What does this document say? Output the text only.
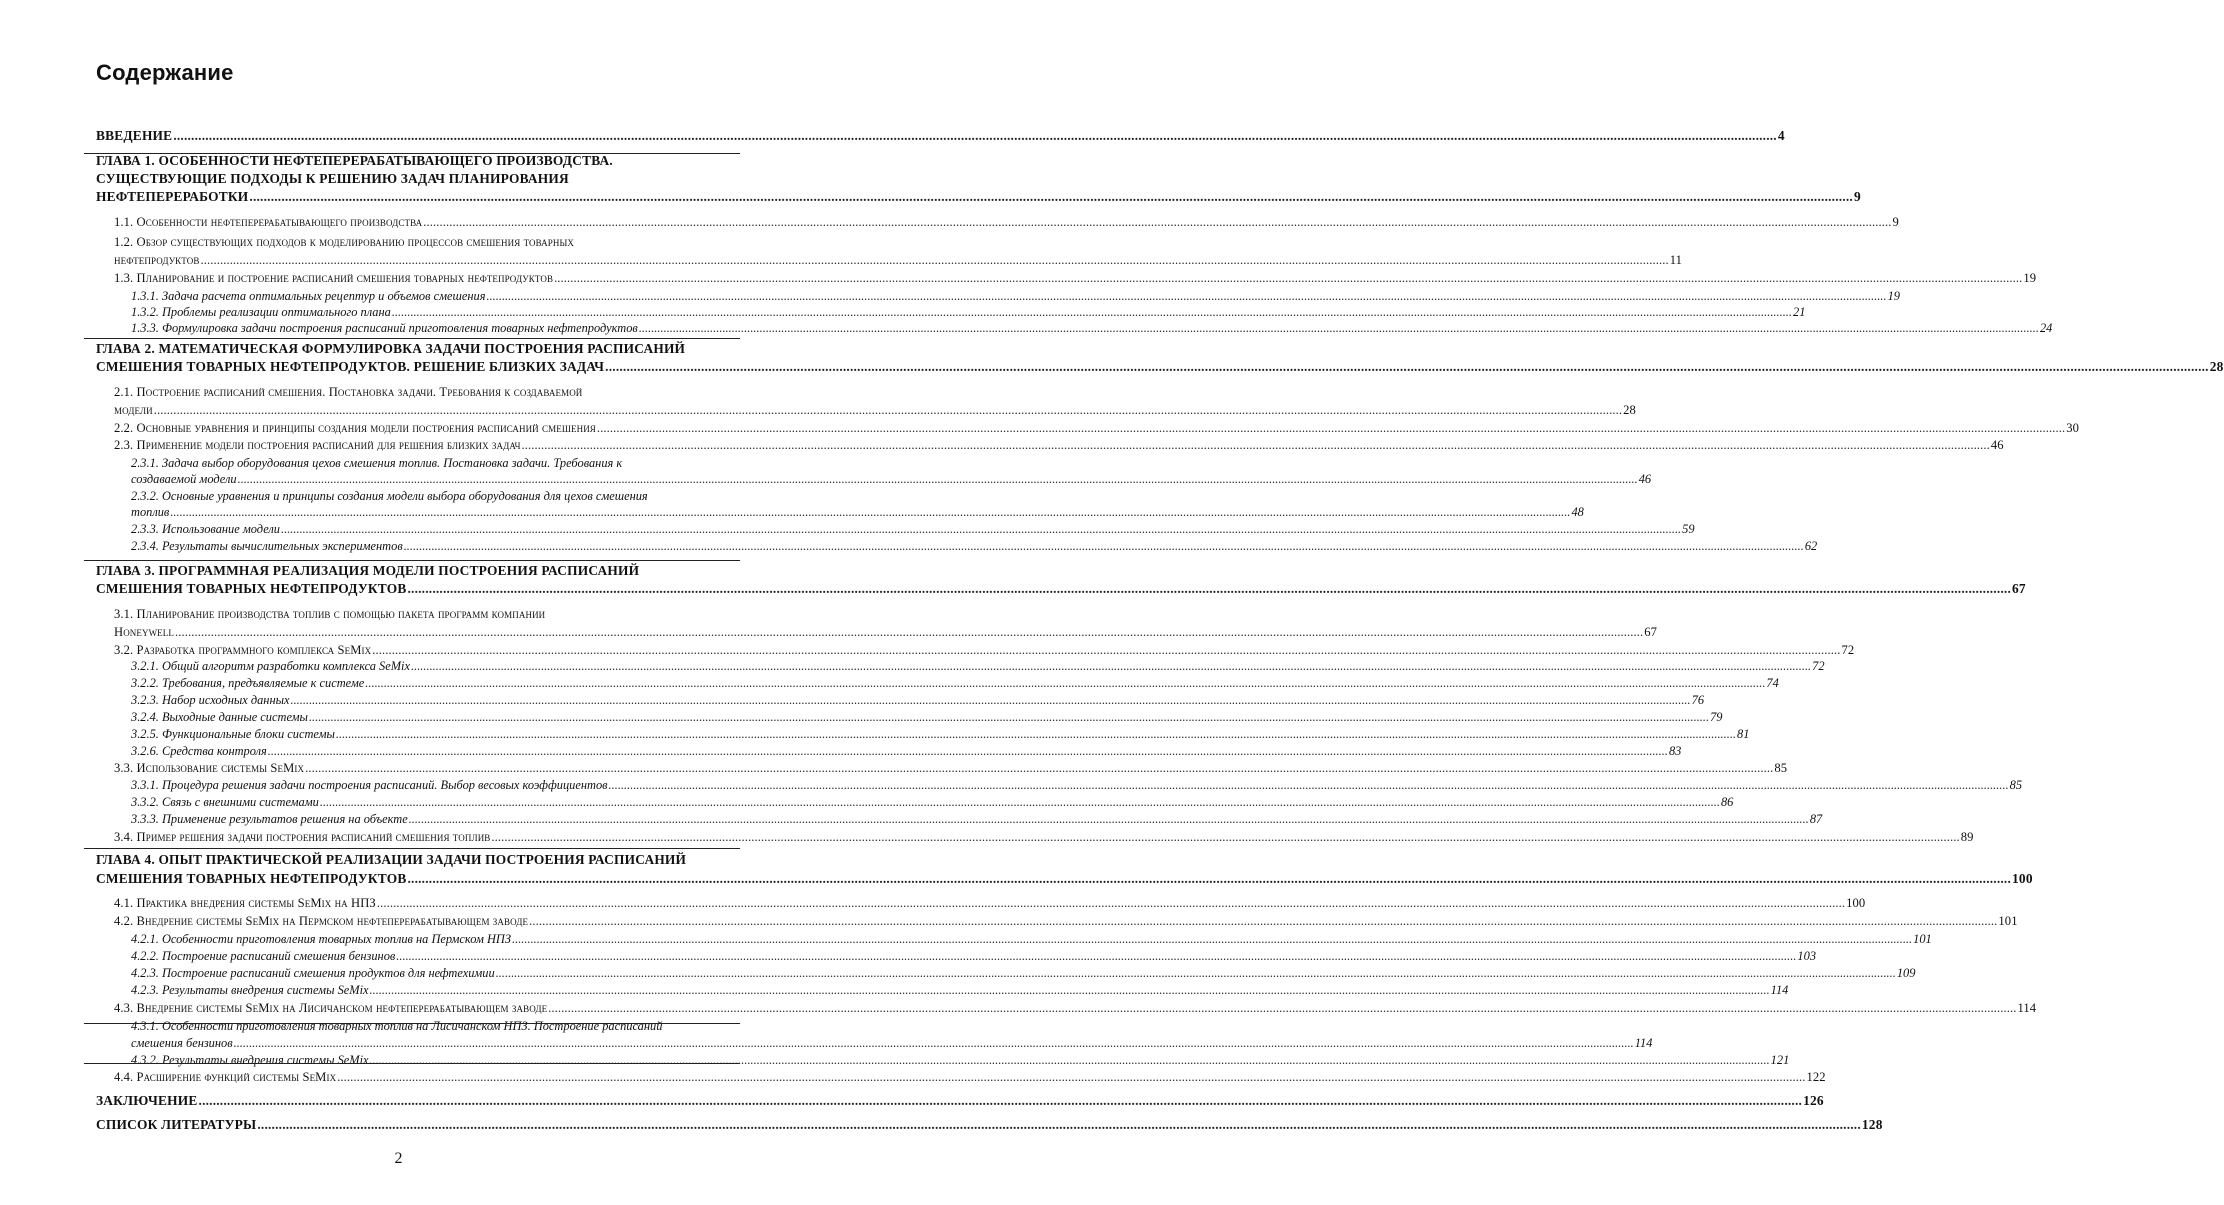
Содержание
ВВЕДЕНИЕ .....	4
ГЛАВА 1. ОСОБЕННОСТИ НЕФТЕПЕРЕРАБАТЫВАЮЩЕГО ПРОИЗВОДСТВА.
СУЩЕСТВУЮЩИЕ ПОДХОДЫ К РЕШЕНИЮ ЗАДАЧ ПЛАНИРОВАНИЯ
НЕФТЕПЕРЕРАБОТКИ .....	9
1.1. Особенности нефтеперерабатывающего производства .....	9
1.2. Обзор существующих подходов к моделированию процессов смешения товарных
нефтепродуктов .....	11
1.3. Планирование и построение расписаний смешения товарных нефтепродуктов .....	19
1.3.1. Задача расчета оптимальных рецептур и объемов смешения .....	19
1.3.2. Проблемы реализации оптимального плана .....	21
1.3.3. Формулировка задачи построения расписаний приготовления товарных нефтепродуктов .....	24
ГЛАВА 2. МАТЕМАТИЧЕСКАЯ ФОРМУЛИРОВКА ЗАДАЧИ ПОСТРОЕНИЯ РАСПИСАНИЙ
СМЕШЕНИЯ ТОВАРНЫХ НЕФТЕПРОДУКТОВ. РЕШЕНИЕ БЛИЗКИХ ЗАДАЧ .....	28
2.1. Построение расписаний смешения. Постановка задачи. Требования к создаваемой
модели .....	28
2.2. Основные уравнения и принципы создания модели построения расписаний смешения .....	30
2.3. Применение модели построения расписаний для решения близких задач .....	46
2.3.1. Задача выбор оборудования цехов смешения топлив. Постановка задачи. Требования к
создаваемой модели .....	46
2.3.2. Основные уравнения и принципы создания модели выбора оборудования для цехов смешения
топлив .....	48
2.3.3. Использование модели .....	59
2.3.4. Результаты вычислительных экспериментов .....	62
ГЛАВА 3. ПРОГРАММНАЯ РЕАЛИЗАЦИЯ МОДЕЛИ ПОСТРОЕНИЯ РАСПИСАНИЙ
СМЕШЕНИЯ ТОВАРНЫХ НЕФТЕПРОДУКТОВ .....	67
3.1. Планирование производства топлив с помощью пакета программ компании
Honeywell .....	67
3.2. Разработка программного комплекса SeMix .....	72
3.2.1. Общий алгоритм разработки комплекса SeMix .....	72
3.2.2. Требования, предъявляемые к системе .....	74
3.2.3. Набор исходных данных .....	76
3.2.4. Выходные данные системы .....	79
3.2.5. Функциональные блоки системы .....	81
3.2.6. Средства контроля .....	83
3.3. Использование системы SeMix .....	85
3.3.1. Процедура решения задачи построения расписаний. Выбор весовых коэффициентов .....	85
3.3.2. Связь с внешними системами .....	86
3.3.3. Применение результатов решения на объекте .....	87
3.4. Пример решения задачи построения расписаний смешения топлив .....	89
ГЛАВА 4. ОПЫТ ПРАКТИЧЕСКОЙ РЕАЛИЗАЦИИ ЗАДАЧИ ПОСТРОЕНИЯ РАСПИСАНИЙ
СМЕШЕНИЯ ТОВАРНЫХ НЕФТЕПРОДУКТОВ .....	100
4.1. Практика внедрения системы SeMix на НПЗ .....	100
4.2. Внедрение системы SeMix на Пермском нефтеперерабатывающем заводе .....	101
4.2.1. Особенности приготовления товарных топлив на Пермском НПЗ .....	101
4.2.2. Построение расписаний смешения бензинов .....	103
4.2.3. Построение расписаний смешения продуктов для нефтехимии .....	109
4.2.3. Результаты внедрения системы SeMix .....	114
4.3. Внедрение системы SeMix на Лисичанском нефтеперерабатывающем заводе .....	114
4.3.1. Особенности приготовления товарных топлив на Лисичанском НПЗ. Построение расписаний
смешения бензинов .....	114
4.3.2. Результаты внедрения системы SeMix .....	121
4.4. Расширение функций системы SeMix .....	122
ЗАКЛЮЧЕНИЕ .....	126
СПИСОК ЛИТЕРАТУРЫ .....	128
2
